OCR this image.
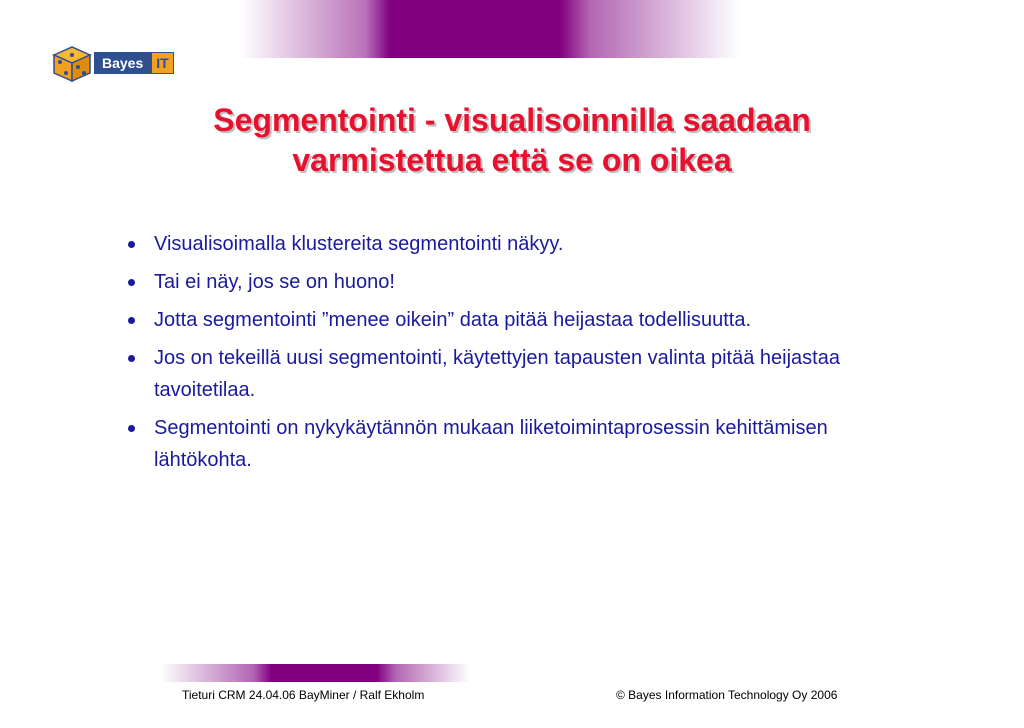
Bayes IT
Segmentointi - visualisoinnilla saadaan
varmistettua että se on oikea
Visualisoimalla klustereita segmentointi näkyy.
Tai ei näy, jos se on huono!
Jotta segmentointi ”menee oikein” data pitää heijastaa todellisuutta.
Jos on tekeillä uusi segmentointi, käytettyjen tapausten valinta pitää heijastaa tavoitetilaa.
Segmentointi on nykykäytännön mukaan liiketoimintaprosessin kehittämisen lähtökohta.
Tieturi CRM 24.04.06 BayMiner / Ralf Ekholm	© Bayes Information Technology Oy 2006
